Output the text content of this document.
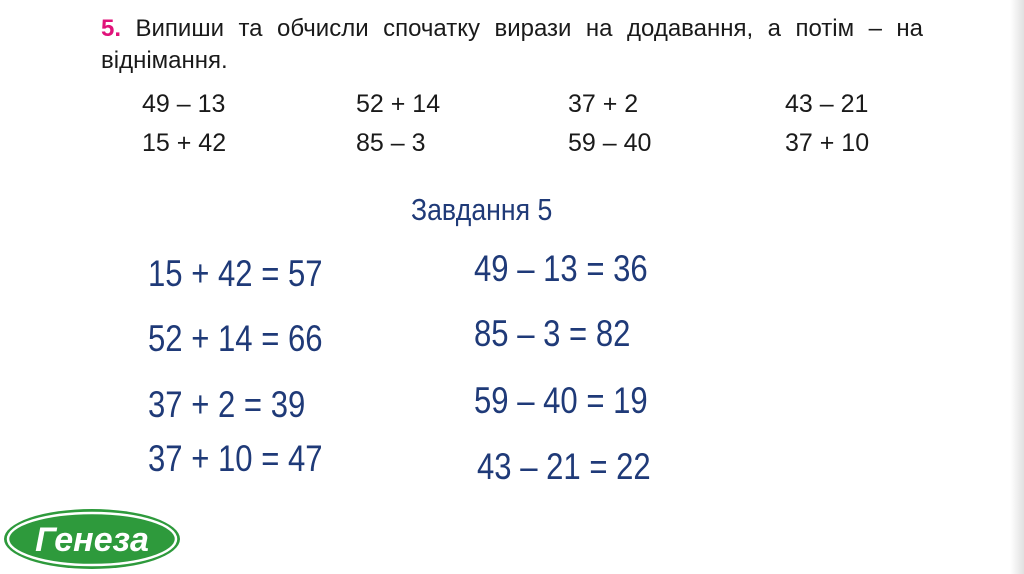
5. Випиши та обчисли спочатку вирази на додавання, а потім – на віднімання.
49 – 13	52 + 14	37 + 2	43 – 21
15 + 42	85 – 3	59 – 40	37 + 10
Завдання 5
15 + 42 = 57
52 + 14 = 66
37 + 2 = 39
37 + 10 = 47
49 – 13 = 36
85 – 3 = 82
59 – 40 = 19
43 – 21 = 22
Генеза
